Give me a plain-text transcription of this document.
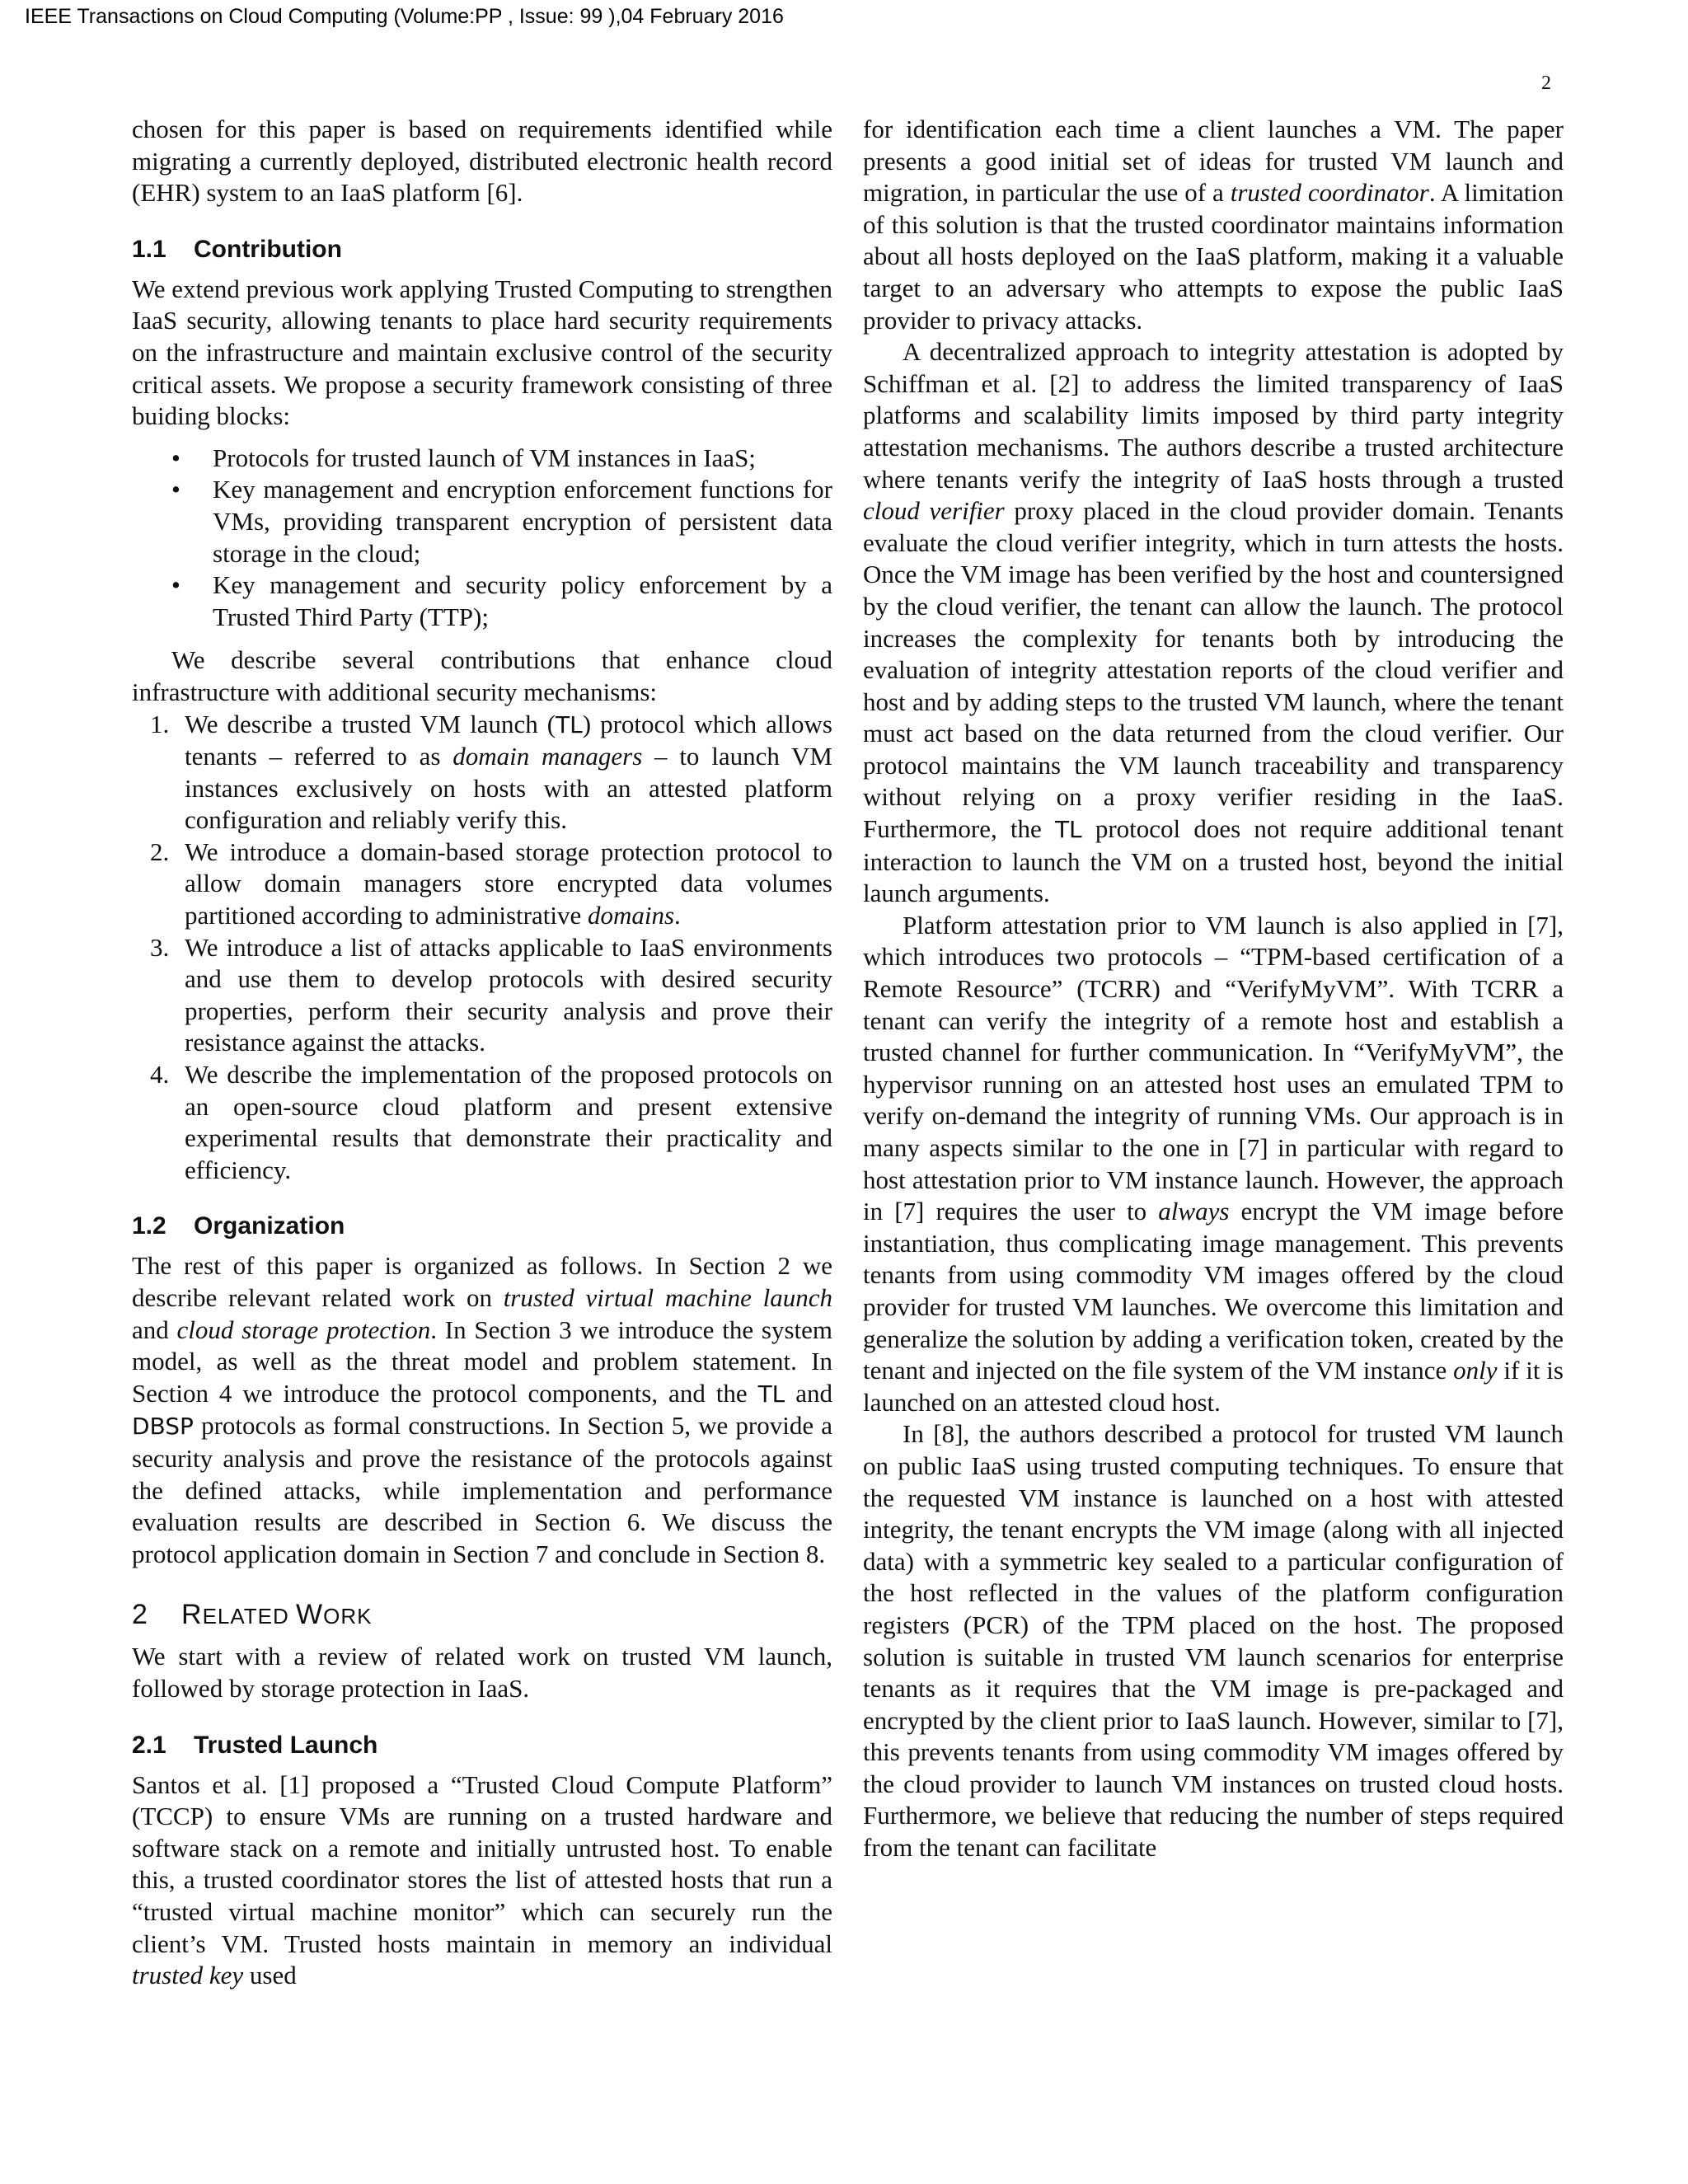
IEEE Transactions on Cloud Computing (Volume:PP , Issue: 99 ),04 February 2016
2

chosen for this paper is based on requirements identified while migrating a currently deployed, distributed electronic health record (EHR) system to an IaaS platform [6].

1.1 Contribution

We extend previous work applying Trusted Computing to strengthen IaaS security, allowing tenants to place hard security requirements on the infrastructure and maintain exclusive control of the security critical assets. We propose a security framework consisting of three buiding blocks:

• Protocols for trusted launch of VM instances in IaaS;
• Key management and encryption enforcement functions for VMs, providing transparent encryption of persistent data storage in the cloud;
• Key management and security policy enforcement by a Trusted Third Party (TTP);

We describe several contributions that enhance cloud infrastructure with additional security mechanisms:

1. We describe a trusted VM launch (TL) protocol which allows tenants – referred to as domain managers – to launch VM instances exclusively on hosts with an attested platform configuration and reliably verify this.
2. We introduce a domain-based storage protection protocol to allow domain managers store encrypted data volumes partitioned according to administrative domains.
3. We introduce a list of attacks applicable to IaaS environments and use them to develop protocols with desired security properties, perform their security analysis and prove their resistance against the attacks.
4. We describe the implementation of the proposed protocols on an open-source cloud platform and present extensive experimental results that demonstrate their practicality and efficiency.
1.2 Organization

The rest of this paper is organized as follows. In Section 2 we describe relevant related work on trusted virtual machine launch and cloud storage protection. In Section 3 we introduce the system model, as well as the threat model and problem statement. In Section 4 we introduce the protocol components, and the TL and DBSP protocols as formal constructions. In Section 5, we provide a security analysis and prove the resistance of the protocols against the defined attacks, while implementation and performance evaluation results are described in Section 6. We discuss the protocol application domain in Section 7 and conclude in Section 8.

2 RELATED WORK

We start with a review of related work on trusted VM launch, followed by storage protection in IaaS.

2.1 Trusted Launch

Santos et al. [1] proposed a “Trusted Cloud Compute Platform” (TCCP) to ensure VMs are running on a trusted hardware and software stack on a remote and initially untrusted host. To enable this, a trusted coordinator stores the list of attested hosts that run a “trusted virtual machine monitor” which can securely run the client’s VM. Trusted hosts maintain in memory an individual trusted key used

for identification each time a client launches a VM. The paper presents a good initial set of ideas for trusted VM launch and migration, in particular the use of a trusted coordinator. A limitation of this solution is that the trusted coordinator maintains information about all hosts deployed on the IaaS platform, making it a valuable target to an adversary who attempts to expose the public IaaS provider to privacy attacks.

A decentralized approach to integrity attestation is adopted by Schiffman et al. [2] to address the limited transparency of IaaS platforms and scalability limits imposed by third party integrity attestation mechanisms. The authors describe a trusted architecture where tenants verify the integrity of IaaS hosts through a trusted cloud verifier proxy placed in the cloud provider domain. Tenants evaluate the cloud verifier integrity, which in turn attests the hosts. Once the VM image has been verified by the host and countersigned by the cloud verifier, the tenant can allow the launch. The protocol increases the complexity for tenants both by introducing the evaluation of integrity attestation reports of the cloud verifier and host and by adding steps to the trusted VM launch, where the tenant must act based on the data returned from the cloud verifier. Our protocol maintains the VM launch traceability and transparency without relying on a proxy verifier residing in the IaaS. Furthermore, the TL protocol does not require additional tenant interaction to launch the VM on a trusted host, beyond the initial launch arguments.

Platform attestation prior to VM launch is also applied in [7], which introduces two protocols – “TPM-based certification of a Remote Resource” (TCRR) and “VerifyMyVM”. With TCRR a tenant can verify the integrity of a remote host and establish a trusted channel for further communication. In “VerifyMyVM”, the hypervisor running on an attested host uses an emulated TPM to verify on-demand the integrity of running VMs. Our approach is in many aspects similar to the one in [7] in particular with regard to host attestation prior to VM instance launch. However, the approach in [7] requires the user to always encrypt the VM image before instantiation, thus complicating image management. This prevents tenants from using commodity VM images offered by the cloud provider for trusted VM launches. We overcome this limitation and generalize the solution by adding a verification token, created by the tenant and injected on the file system of the VM instance only if it is launched on an attested cloud host.

In [8], the authors described a protocol for trusted VM launch on public IaaS using trusted computing techniques. To ensure that the requested VM instance is launched on a host with attested integrity, the tenant encrypts the VM image (along with all injected data) with a symmetric key sealed to a particular configuration of the host reflected in the values of the platform configuration registers (PCR) of the TPM placed on the host. The proposed solution is suitable in trusted VM launch scenarios for enterprise tenants as it requires that the VM image is pre-packaged and encrypted by the client prior to IaaS launch. However, similar to [7], this prevents tenants from using commodity VM images offered by the cloud provider to launch VM instances on trusted cloud hosts. Furthermore, we believe that reducing the number of steps required from the tenant can facilitate
